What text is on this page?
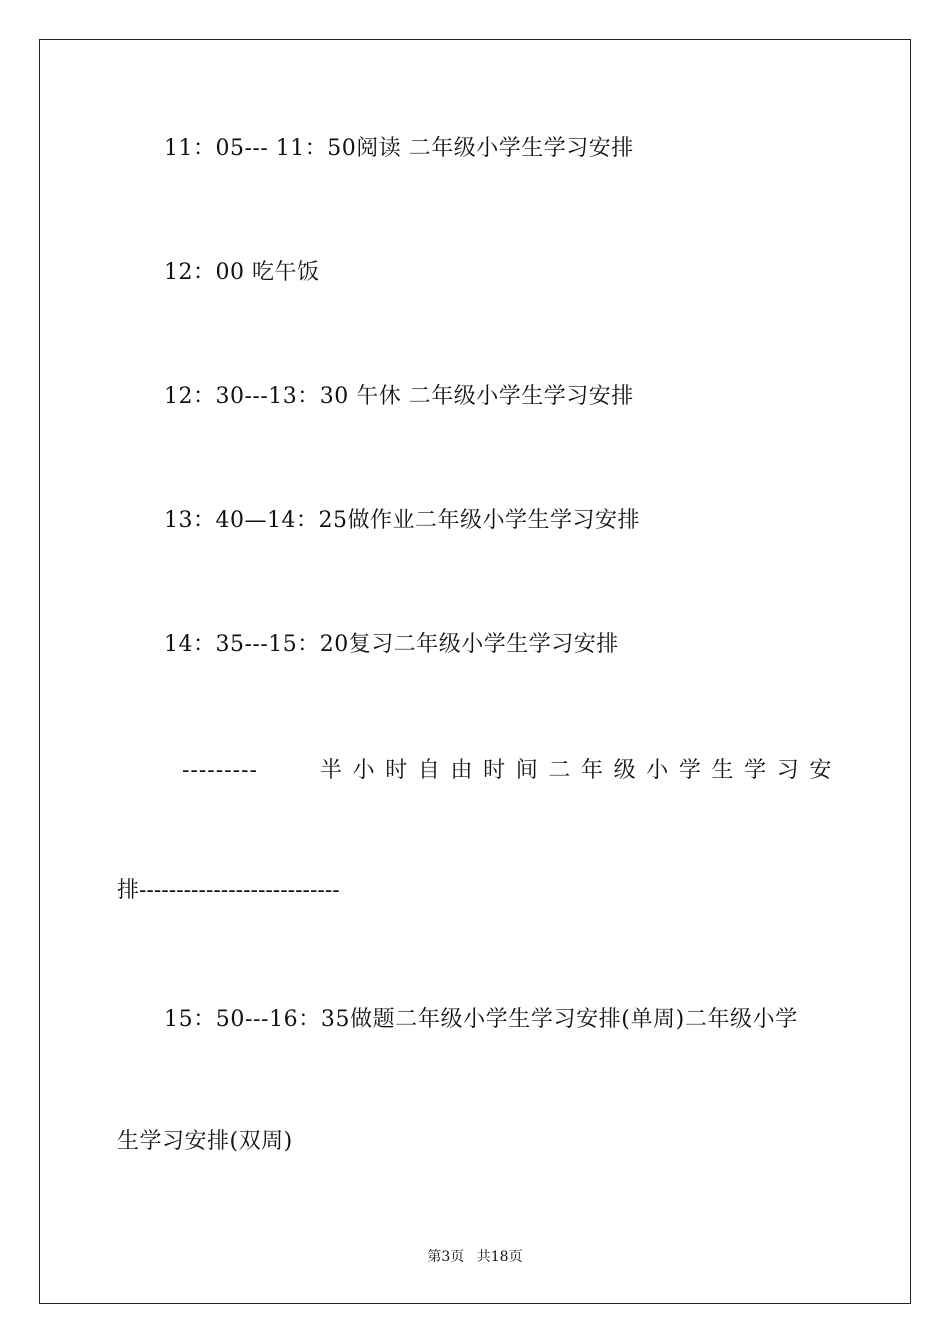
11：05--- 11：50阅读 二年级小学生学习安排
12：00 吃午饭
12：30---13：30 午休 二年级小学生学习安排
13：40—14：25做作业二年级小学生学习安排
14：35---15：20复习二年级小学生学习安排
---------	半 小 时 自 由 时 间 二 年 级 小 学 生 学 习 安
排---------------------------
15：50---16：35做题二年级小学生学习安排(单周)二年级小学
生学习安排(双周)
第3页 共18页
